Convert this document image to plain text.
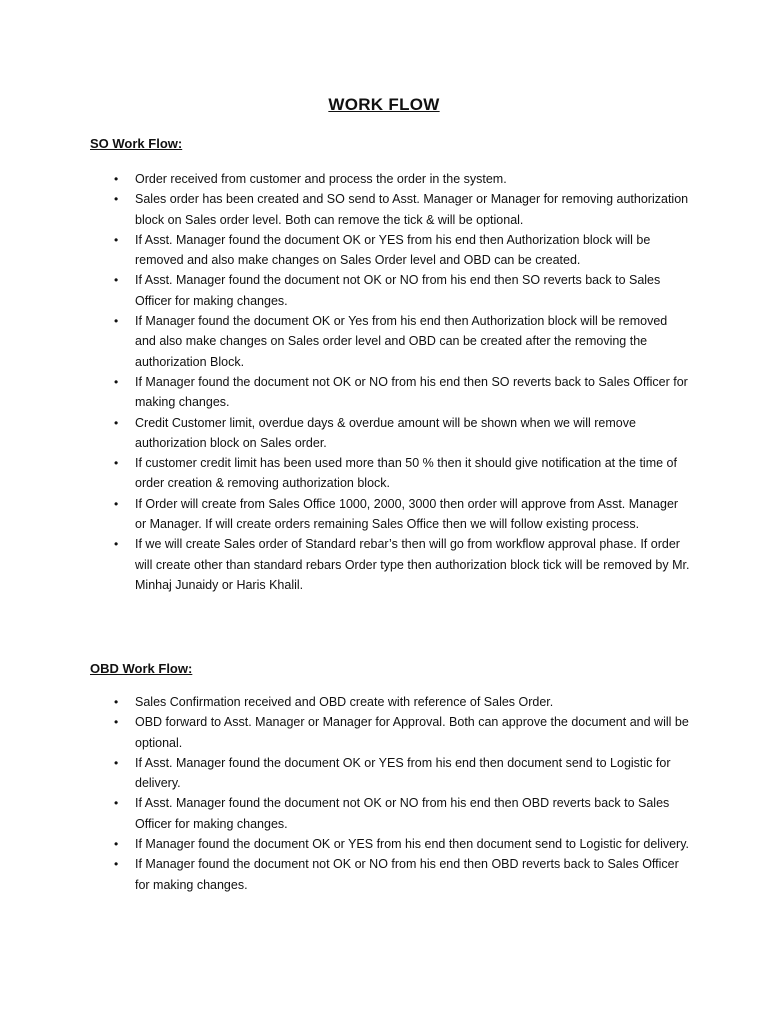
WORK FLOW
SO Work Flow:
• Order received from customer and process the order in the system.
• Sales order has been created and SO send to Asst. Manager or Manager for removing authorization block on Sales order level. Both can remove the tick & will be optional.
• If Asst. Manager found the document OK or YES from his end then Authorization block will be removed and also make changes on Sales Order level and OBD can be created.
• If Asst. Manager found the document not OK or NO from his end then SO reverts back to Sales Officer for making changes.
• If Manager found the document OK or Yes from his end then Authorization block will be removed and also make changes on Sales order level and OBD can be created after the removing the authorization Block.
• If Manager found the document not OK or NO from his end then SO reverts back to Sales Officer for making changes.
• Credit Customer limit, overdue days & overdue amount will be shown when we will remove authorization block on Sales order.
• If customer credit limit has been used more than 50 % then it should give notification at the time of order creation & removing authorization block.
• If Order will create from Sales Office 1000, 2000, 3000 then order will approve from Asst. Manager or Manager. If will create orders remaining Sales Office then we will follow existing process.
• If we will create Sales order of Standard rebar’s then will go from workflow approval phase. If order will create other than standard rebars Order type then authorization block tick will be removed by Mr. Minhaj Junaidy or Haris Khalil.
OBD Work Flow:
• Sales Confirmation received and OBD create with reference of Sales Order.
• OBD forward to Asst. Manager or Manager for Approval. Both can approve the document and will be optional.
• If Asst. Manager found the document OK or YES from his end then document send to Logistic for delivery.
• If Asst. Manager found the document not OK or NO from his end then OBD reverts back to Sales Officer for making changes.
• If Manager found the document OK or YES from his end then document send to Logistic for delivery.
• If Manager found the document not OK or NO from his end then OBD reverts back to Sales Officer for making changes.
